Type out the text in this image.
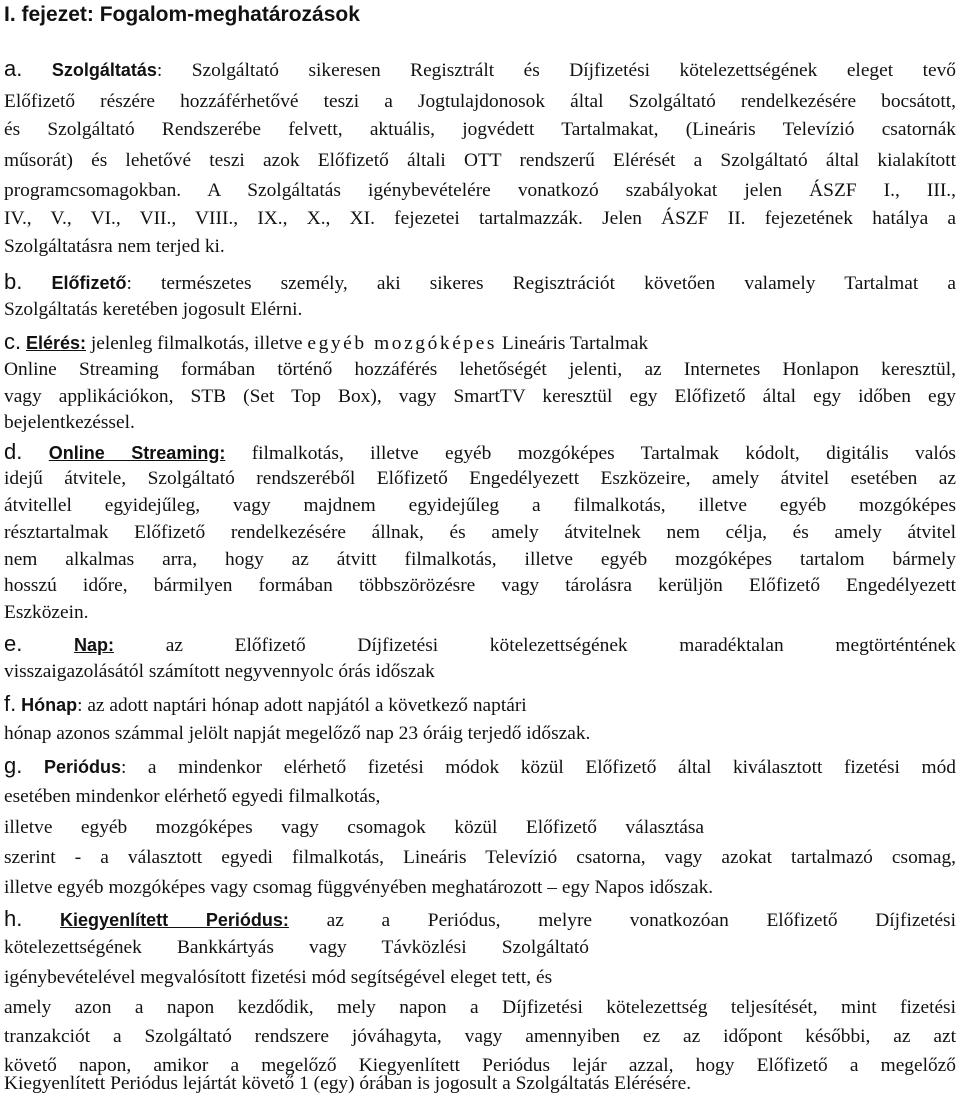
I. fejezet: Fogalom-meghatározások
a. Szolgáltatás: Szolgáltató sikeresen Regisztrált és Díjfizetési kötelezettségének eleget tevő
Előfizető részére hozzáférhetővé teszi a Jogtulajdonosok által Szolgáltató rendelkezésére bocsátott,
és Szolgáltató Rendszerébe felvett, aktuális, jogvédett Tartalmakat, (Lineáris Televízió csatornák
műsorát) és lehetővé teszi azok Előfizető általi OTT rendszerű Elérését a Szolgáltató által kialakított
programcsomagokban. A Szolgáltatás igénybevételére vonatkozó szabályokat jelen ÁSZF I., III.,
IV., V., VI., VII., VIII., IX., X., XI. fejezetei tartalmazzák. Jelen ÁSZF II. fejezetének hatálya a
Szolgáltatásra nem terjed ki.
b. Előfizető: természetes személy, aki sikeres Regisztrációt követően valamely Tartalmat a
Szolgáltatás keretében jogosult Elérni.
c. Elérés: jelenleg filmalkotás, illetve egyéb mozgóképes Lineáris Tartalmak
Online Streaming formában történő hozzáférés lehetőségét jelenti, az Internetes Honlapon keresztül,
vagy applikációkon, STB (Set Top Box), vagy SmartTV keresztül egy Előfizető által egy időben egy
bejelentkezéssel.
d. Online Streaming: filmalkotás, illetve egyéb mozgóképes Tartalmak kódolt, digitális valós
idejű átvitele, Szolgáltató rendszeréből Előfizető Engedélyezett Eszközeire, amely átvitel esetében az
átvitellel egyidejűleg, vagy majdnem egyidejűleg a filmalkotás, illetve egyéb mozgóképes
résztartalmak Előfizető rendelkezésére állnak, és amely átvitelnek nem célja, és amely átvitel
nem alkalmas arra, hogy az átvitt filmalkotás, illetve egyéb mozgóképes tartalom bármely
hosszú időre, bármilyen formában többszörözésre vagy tárolásra kerüljön Előfizető Engedélyezett
Eszközein.
e.	Nap:	az Előfizető Díjfizetési kötelezettségének maradéktalan megtörténtének
visszaigazolásától számított negyvennyolc órás időszak
f. Hónap: az adott naptári hónap adott napjától a következő naptári
hónap azonos számmal jelölt napját megelőző nap 23 óráig terjedő időszak.
g. Periódus: a mindenkor elérhető fizetési módok közül Előfizető által kiválasztott fizetési mód
esetében mindenkor elérhető egyedi filmalkotás,
illetve egyéb mozgóképes vagy csomagok közül Előfizető választása
szerint - a választott egyedi filmalkotás, Lineáris Televízió csatorna, vagy azokat tartalmazó csomag,
illetve egyéb mozgóképes vagy csomag függvényében meghatározott – egy Napos időszak.
h. Kiegyenlített Periódus: az a Periódus, melyre vonatkozóan Előfizető Díjfizetési
kötelezettségének Bankkártyás vagy Távközlési Szolgáltató
igénybevételével megvalósított fizetési mód segítségével eleget tett, és
amely azon a napon kezdődik, mely napon a Díjfizetési kötelezettség teljesítését, mint fizetési
tranzakciót a Szolgáltató rendszere jóváhagyta, vagy amennyiben ez az időpont későbbi, az azt
követő napon, amikor a megelőző Kiegyenlített Periódus lejár azzal, hogy Előfizető a megelőző
Kiegyenlített Periódus lejártát követő 1 (egy) órában is jogosult a Szolgáltatás Elérésére.
